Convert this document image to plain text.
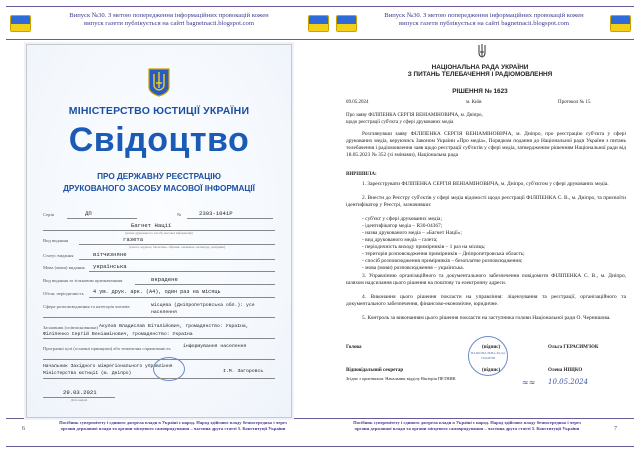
Випуск №30. З метою попередження інформаційних провокацій кожен
випуск газети публікується на сайті bagnetnacii.blogspot.com
Випуск №30. З метою попередження інформаційних провокацій кожен
випуск газети публікується на сайті bagnetnacii.blogspot.com
МІНІСТЕРСТВО ЮСТИЦІЇ УКРАЇНИ
Свідоцтво
ПРО ДЕРЖАВНУ РЕЄСТРАЦІЮ
ДРУКОВАНОГО ЗАСОБУ МАСОВОЇ ІНФОРМАЦІЇ
Серія	ДП	№	2303-1041Р
Багнет Нації
(назва друкованого засобу масової інформації)
Вид видання	газета
(газета, журнал, бюлетень, збірник, альманах, календар, довідник)
Статус видання	вітчизняне
Мова (мови) видання українська
Вид видання за тільковим призначенням	вкрадене
Обсяг, періодичність 4 ум. друк. арк. (А4), один раз на місяць
Сфера розповсюдження та категорія читачів	місцева (Дніпропетровська обл.): усе населення
Засновник (співзасновники) Акулов Владислав Віталійович, громадянство: Україна, Філіпенко Сергій Веніамінович, громадянство: Україна
Програмні цілі (основні принципи) або тематична спрямованість	інформування населення
Начальник Західного міжрегіонального управління Міністерства юстиції (м. Дніпро)	І.М. Загоровсь
29.03.2021
Дата видачі
НАЦІОНАЛЬНА РАДА УКРАЇНИ
З ПИТАНЬ ТЕЛЕБАЧЕННЯ І РАДІОМОВЛЕННЯ
РІШЕННЯ № 1623
09.05.2024	м. Київ	Протокол № 15
Про заяву ФІЛІПЕНКА СЕРГІЯ ВЕНІАМІНОВИЧА, м. Дніпро,
щодо реєстрації суб'єкта у сфері друкованих медіа
Розглянувши заяву ФІЛІПЕНКА СЕРГІЯ ВЕНІАМІНОВИЧА, м. Дніпро, про реєстрацію суб'єкта у сфері друкованих медіа, керуючись Законом України «Про медіа», Порядком подання до Національної ради України з питань телебачення і радіомовлення заяв щодо реєстрації суб'єктів у сфері медіа, затвердженим рішенням Національної ради від 18.05.2023 № 352 (зі змінами), Національна рада
ВИРІШИЛА:
1. Зареєструвати ФІЛІПЕНКА СЕРГІЯ ВЕНІАМІНОВИЧА, м. Дніпро, суб'єктом у сфері друкованих медіа.
2. Внести до Реєстру суб'єктів у сфері медіа відомості щодо реєстрації ФІЛІПЕНКА С. В., м. Дніпро, та присвоїти ідентифікатор у Реєстрі, зазначивши:
- суб'єкт у сфері друкованих медіа;
- ідентифікатор медіа – R30-04367;
- назва друкованого медіа – «Багнет Нації»;
- вид друкованого медіа – газета;
- періодичність виходу примірників – 1 раз на місяць;
- територія розповсюдження примірників – Дніпропетровська область;
- спосіб розповсюдження примірників – безоплатне розповсюдження;
- мова (мови) розповсюдження – українська.
3. Управлінню організаційного та документального забезпечення повідомити ФІЛІПЕНКА С. В., м. Дніпро, шляхом надсилання цього рішення на поштову та електронну адреси.
4. Виконання цього рішення покласти на управління: ліцензування та реєстрації, організаційного та документального забезпечення, фінансово-економічне, юридичне.
5. Контроль за виконанням цього рішення покласти на заступника голови Національної ради О. Чернишова.
НАЦІОНАЛЬНА РАДА УКРАЇНИ
Голова	(підпис)	Ольга ГЕРАСИМ'ЮК
Відповідальний секретар	(підпис)	Олена НІЩКО
Згідно з оригіналом. Начальник відділу Вікторія ПЕТНИК	≈≈ 10.05.2024
6
Посібник суверенітету і єдиного джерела влади в Україні є народ. Народ здійснює владу безпосередньо і через
органи державної влади та органи місцевого самоврядування – частина друга статті 5. Конституції України
Посібник суверенітету і єдиного джерела влади в Україні є народ. Народ здійснює владу безпосередньо і через
органи державної влади та органи місцевого самоврядування – частина друга статті 5. Конституції України	7
